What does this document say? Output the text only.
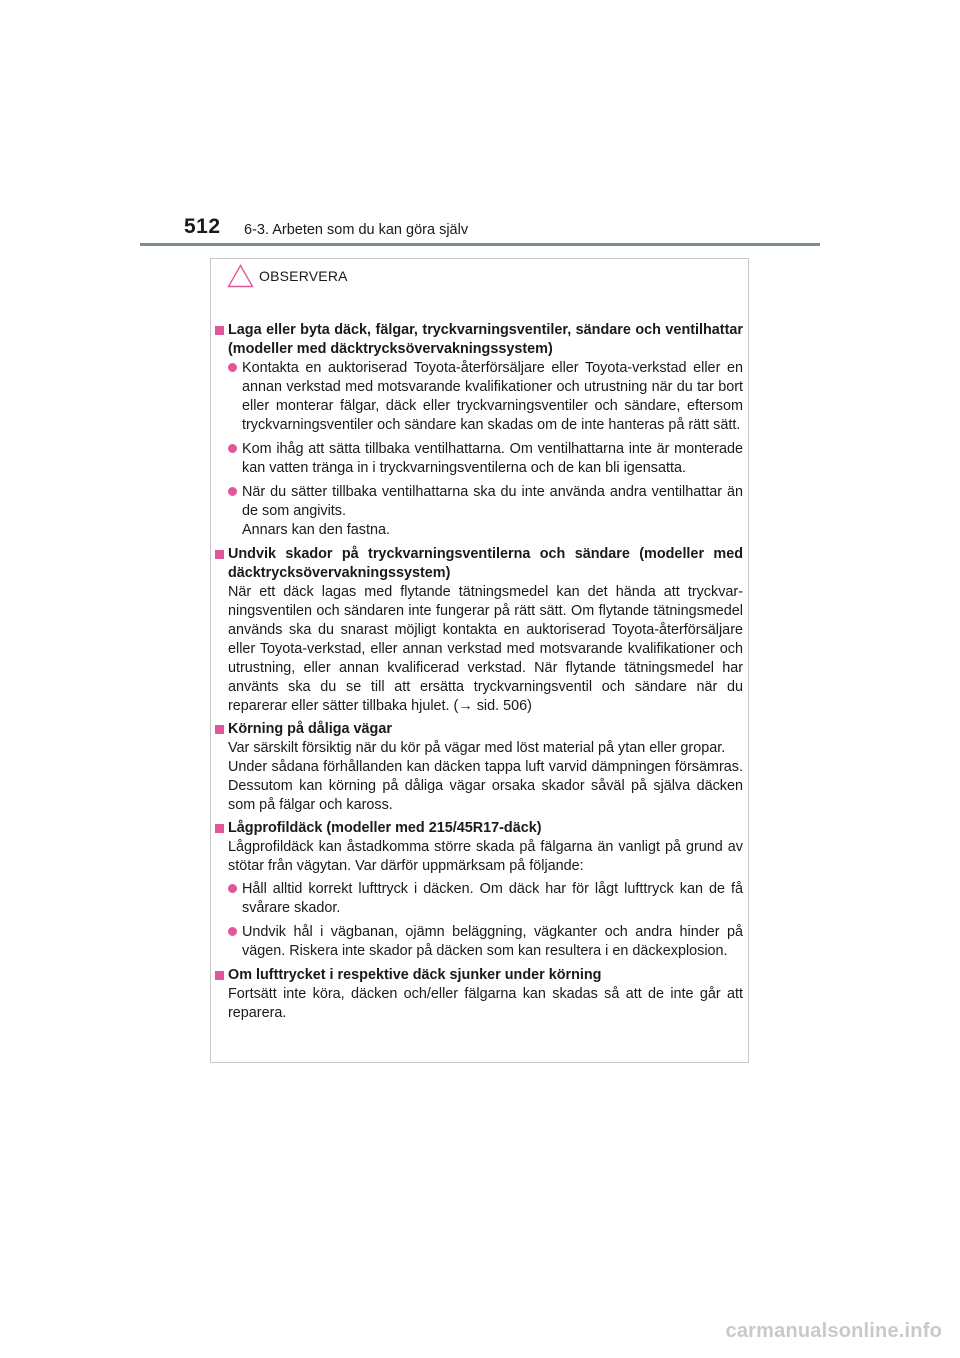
512 6-3. Arbeten som du kan göra själv
OBSERVERA
Laga eller byta däck, fälgar, tryckvarningsventiler, sändare och ventilhattar (modeller med däcktrycksövervakningssystem)
Kontakta en auktoriserad Toyota-återförsäljare eller Toyota-verkstad eller en annan verkstad med motsvarande kvalifikationer och utrustning när du tar bort eller monterar fälgar, däck eller tryckvarningsventiler och sändare, eftersom tryckvarningsventiler och sändare kan skadas om de inte hanteras på rätt sätt.
Kom ihåg att sätta tillbaka ventilhattarna. Om ventilhattarna inte är monterade kan vatten tränga in i tryckvarningsventilerna och de kan bli igensatta.
När du sätter tillbaka ventilhattarna ska du inte använda andra ventilhattar än de som angivits.
Annars kan den fastna.
Undvik skador på tryckvarningsventilerna och sändare (modeller med däcktrycksövervakningssystem)
När ett däck lagas med flytande tätningsmedel kan det hända att tryckvarningsventilen och sändaren inte fungerar på rätt sätt. Om flytande tätningsmedel används ska du snarast möjligt kontakta en auktoriserad Toyota-återförsäljare eller Toyota-verkstad, eller annan verkstad med motsvarande kvalifikationer och utrustning, eller annan kvalificerad verkstad. När flytande tätningsmedel har använts ska du se till att ersätta tryckvarningsventil och sändare när du reparerar eller sätter tillbaka hjulet. (→ sid. 506)
Körning på dåliga vägar
Var särskilt försiktig när du kör på vägar med löst material på ytan eller gropar.
Under sådana förhållanden kan däcken tappa luft varvid dämpningen försämras. Dessutom kan körning på dåliga vägar orsaka skador såväl på själva däcken som på fälgar och kaross.
Lågprofildäck (modeller med 215/45R17-däck)
Lågprofildäck kan åstadkomma större skada på fälgarna än vanligt på grund av stötar från vägytan. Var därför uppmärksam på följande:
Håll alltid korrekt lufttryck i däcken. Om däck har för lågt lufttryck kan de få svårare skador.
Undvik hål i vägbanan, ojämn beläggning, vägkanter och andra hinder på vägen. Riskera inte skador på däcken som kan resultera i en däckexplosion.
Om lufttrycket i respektive däck sjunker under körning
Fortsätt inte köra, däcken och/eller fälgarna kan skadas så att de inte går att reparera.
carmanualsonline.info
